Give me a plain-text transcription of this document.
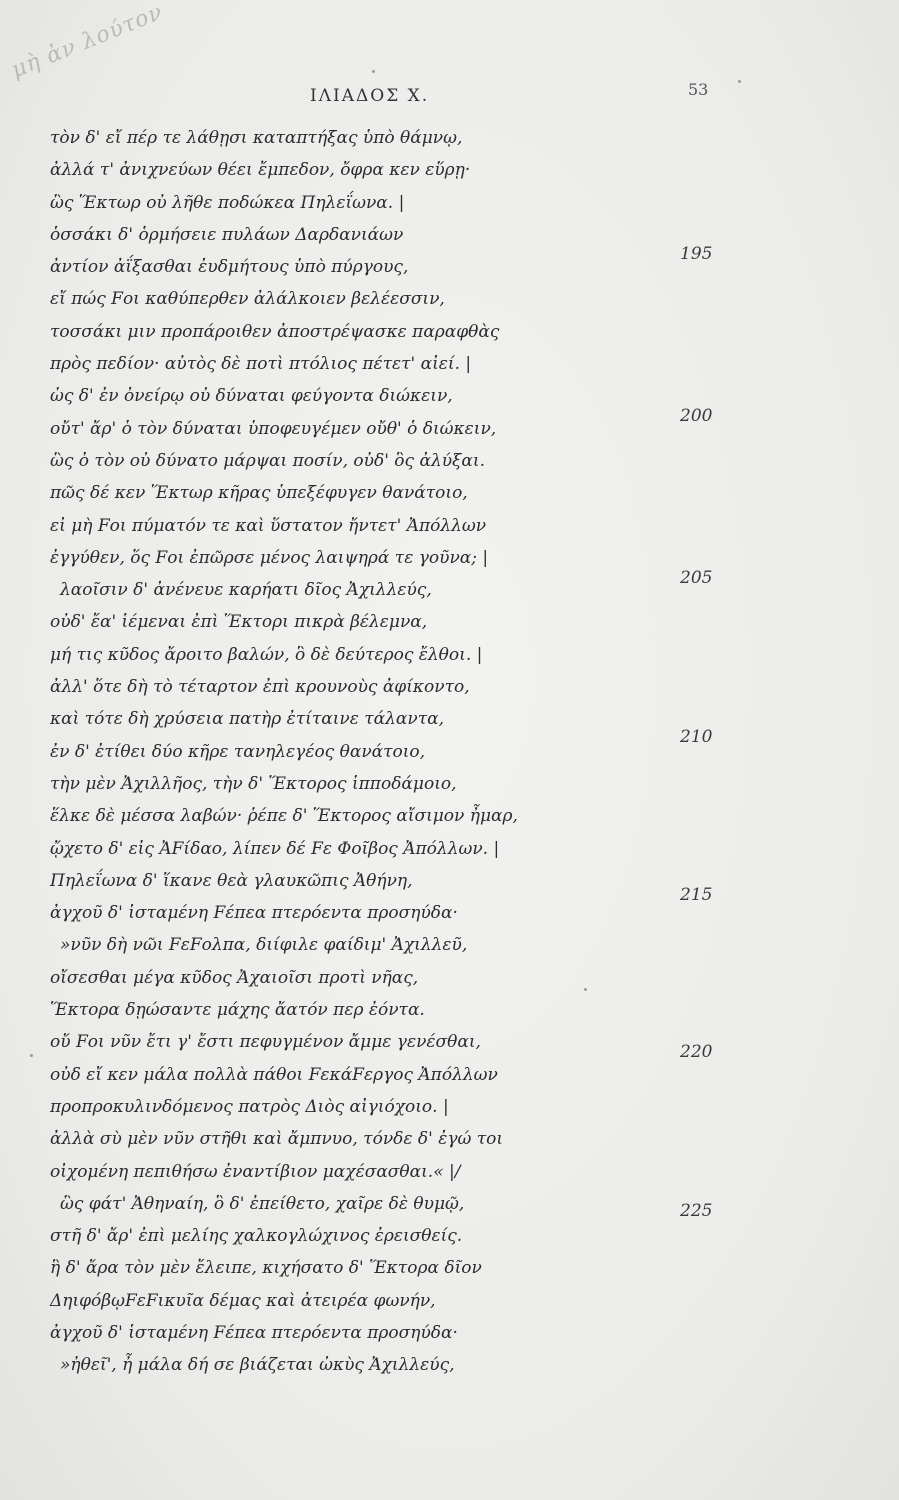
μὴ ἀν λούτον
ΙΛΙΑΔΟΣ Χ.	53
τὸν δ' εἴ πέρ τε λάθῃσι καταπτήξας ὑπὸ θάμνῳ,
ἀλλά τ' ἀνιχνεύων θέει ἔμπεδον, ὄφρα κεν εὕρῃ·
ὣς Ἕκτωρ οὐ λῆθε ποδώκεα Πηλεΐωνα. |
ὁσσάκι δ' ὁρμήσειε πυλάων Δαρδανιάων
ἀντίον ἀΐξασθαι ἐυδμήτους ὑπὸ πύργους,
εἴ πώς Fοι καθύπερθεν ἀλάλκοιεν βελέεσσιν,
τοσσάκι μιν προπάροιθεν ἀποστρέψασκε παραφθὰς
πρὸς πεδίον· αὐτὸς δὲ ποτὶ πτόλιος πέτετ' αἰεί. |
ὡς δ' ἐν ὀνείρῳ οὐ δύναται φεύγοντα διώκειν,
οὔτ' ἄρ' ὁ τὸν δύναται ὑποφευγέμεν οὔθ' ὁ διώκειν,
ὣς ὁ τὸν οὐ δύνατο μάρψαι ποσίν, οὐδ' ὃς ἀλύξαι.
πῶς δέ κεν Ἕκτωρ κῆρας ὑπεξέφυγεν θανάτοιο,
εἰ μὴ Fοι πύματόν τε καὶ ὕστατον ἤντετ' Ἀπόλλων
ἐγγύθεν, ὅς Fοι ἐπῶρσε μένος λαιψηρά τε γοῦνα; |
λαοῖσιν δ' ἀνένευε καρήατι δῖος Ἀχιλλεύς,
οὐδ' ἔα' ἱέμεναι ἐπὶ Ἕκτορι πικρὰ βέλεμνα,
μή τις κῦδος ἄροιτο βαλών, ὃ δὲ δεύτερος ἔλθοι. |
ἀλλ' ὅτε δὴ τὸ τέταρτον ἐπὶ κρουνοὺς ἀφίκοντο,
καὶ τότε δὴ χρύσεια πατὴρ ἐτίταινε τάλαντα,
ἐν δ' ἐτίθει δύο κῆρε τανηλεγέος θανάτοιο,
τὴν μὲν Ἀχιλλῆος, τὴν δ' Ἕκτορος ἱπποδάμοιο,
ἕλκε δὲ μέσσα λαβών· ῥέπε δ' Ἕκτορος αἴσιμον ἦμαρ,
ᾤχετο δ' εἰς ἈFίδαο, λίπεν δέ Fε Φοῖβος Ἀπόλλων. |
Πηλεΐωνα δ' ἵκανε θεὰ γλαυκῶπις Ἀθήνη,
ἀγχοῦ δ' ἱσταμένη Fέπεα πτερόεντα προσηύδα·
»νῦν δὴ νῶι FεFολπα, διίφιλε φαίδιμ' Ἀχιλλεῦ,
οἴσεσθαι μέγα κῦδος Ἀχαιοῖσι προτὶ νῆας,
Ἕκτορα δῃώσαντε μάχης ἄατόν περ ἐόντα.
οὔ Fοι νῦν ἔτι γ' ἔστι πεφυγμένον ἄμμε γενέσθαι,
οὐδ εἴ κεν μάλα πολλὰ πάθοι FεκάFεργος Ἀπόλλων
προπροκυλινδόμενος πατρὸς Διὸς αἰγιόχοιο. |
ἀλλὰ σὺ μὲν νῦν στῆθι καὶ ἄμπνυο, τόνδε δ' ἐγώ τοι
οἰχομένη πεπιθήσω ἐναντίβιον μαχέσασθαι.« |/
ὣς φάτ' Ἀθηναίη, ὃ δ' ἐπείθετο, χαῖρε δὲ θυμῷ,
στῆ δ' ἄρ' ἐπὶ μελίης χαλκογλώχινος ἐρεισθείς.
ἣ δ' ἄρα τὸν μὲν ἔλειπε, κιχήσατο δ' Ἕκτορα δῖον
ΔηιφόβῳFεFικυῖα δέμας καὶ ἀτειρέα φωνήν,
ἀγχοῦ δ' ἱσταμένη Fέπεα πτερόεντα προσηύδα·
»ἠθεῖ', ἦ μάλα δή σε βιάζεται ὠκὺς Ἀχιλλεύς,
195
200
205
210
215
220
225
